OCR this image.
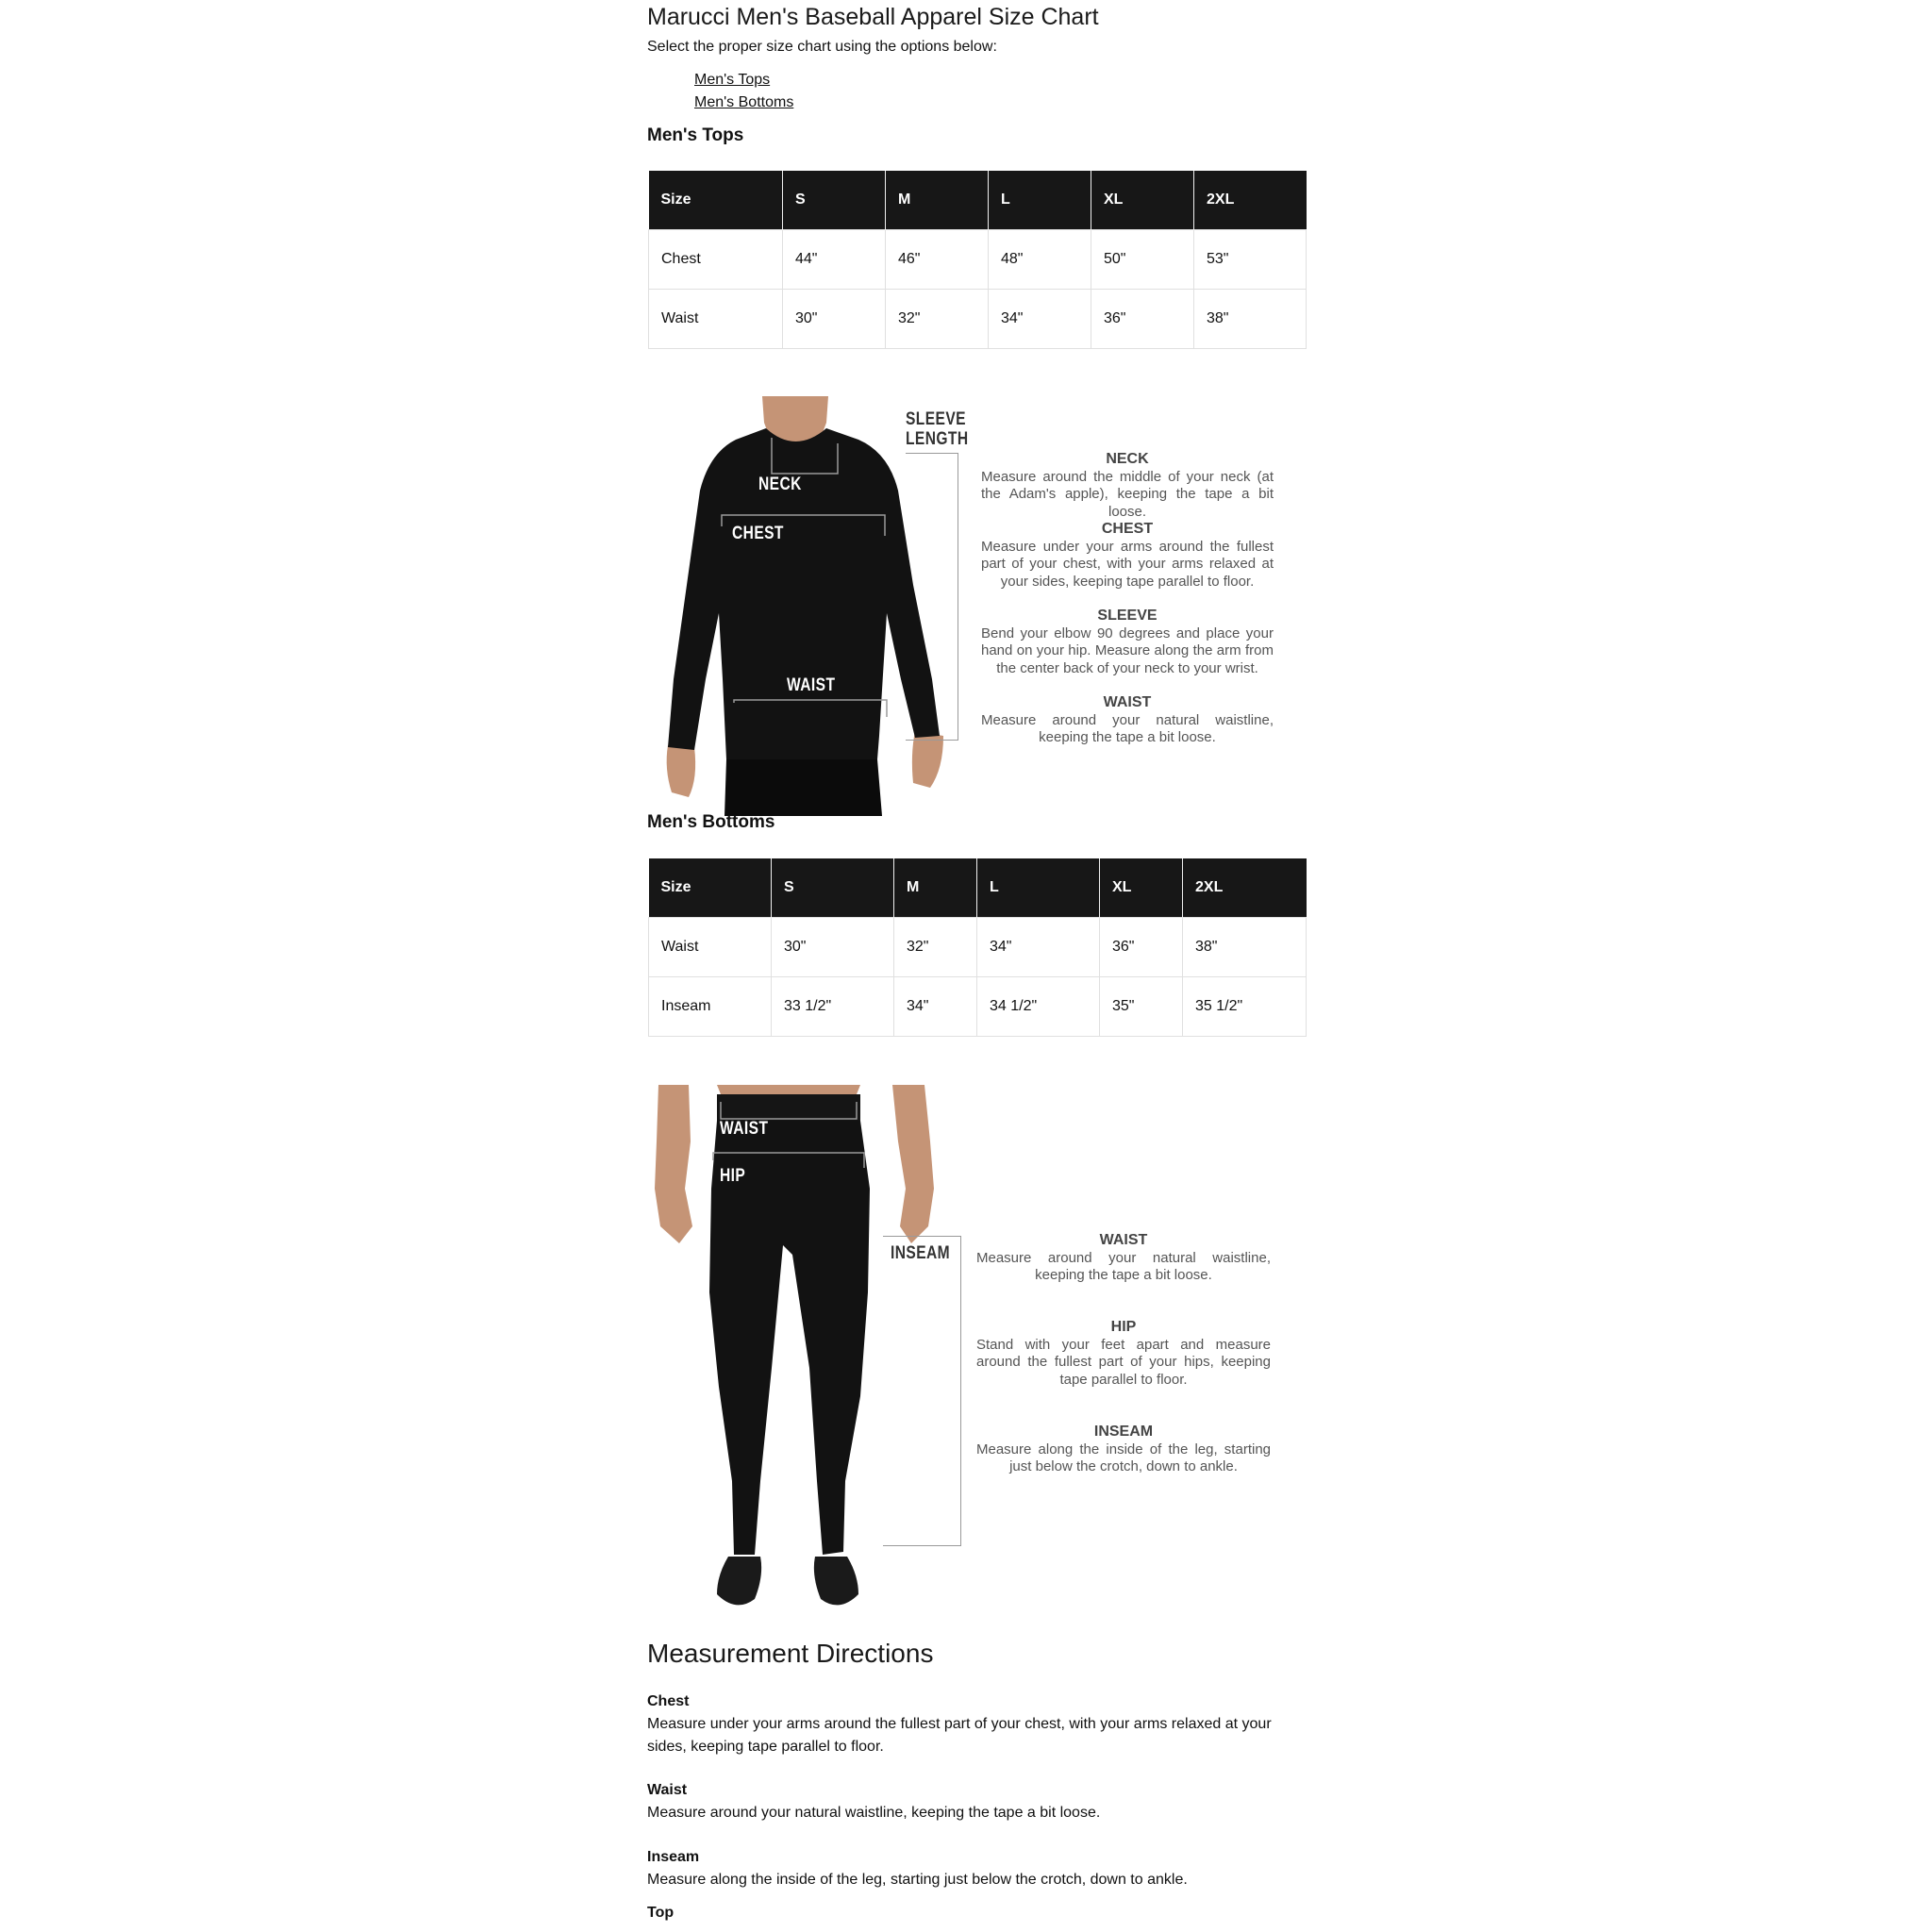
Marucci Men's Baseball Apparel Size Chart
Select the proper size chart using the options below:
Men's Tops
Men's Bottoms
Men's Tops
Size	S	M	L	XL	2XL
Chest	44"	46"	48"	50"	53"
Waist	30"	32"	34"	36"	38"
NECK
CHEST
WAIST
SLEEVE
LENGTH
NECK
Measure around the middle of your neck (at the Adam's apple), keeping the tape a bit loose.
CHEST
Measure under your arms around the fullest part of your chest, with your arms relaxed at your sides, keeping tape parallel to floor.
SLEEVE
Bend your elbow 90 degrees and place your hand on your hip. Measure along the arm from the center back of your neck to your wrist.
WAIST
Measure around your natural waistline, keeping the tape a bit loose.
Men's Bottoms
Size	S	M	L	XL	2XL
Waist	30"	32"	34"	36"	38"
Inseam	33 1/2"	34"	34 1/2"	35"	35 1/2"
WAIST
HIP
INSEAM
WAIST
Measure around your natural waistline, keeping the tape a bit loose.
HIP
Stand with your feet apart and measure around the fullest part of your hips, keeping tape parallel to floor.
INSEAM
Measure along the inside of the leg, starting just below the crotch, down to ankle.
Measurement Directions
Chest
Measure under your arms around the fullest part of your chest, with your arms relaxed at your sides, keeping tape parallel to floor.
Waist
Measure around your natural waistline, keeping the tape a bit loose.
Inseam
Measure along the inside of the leg, starting just below the crotch, down to ankle.
Top
